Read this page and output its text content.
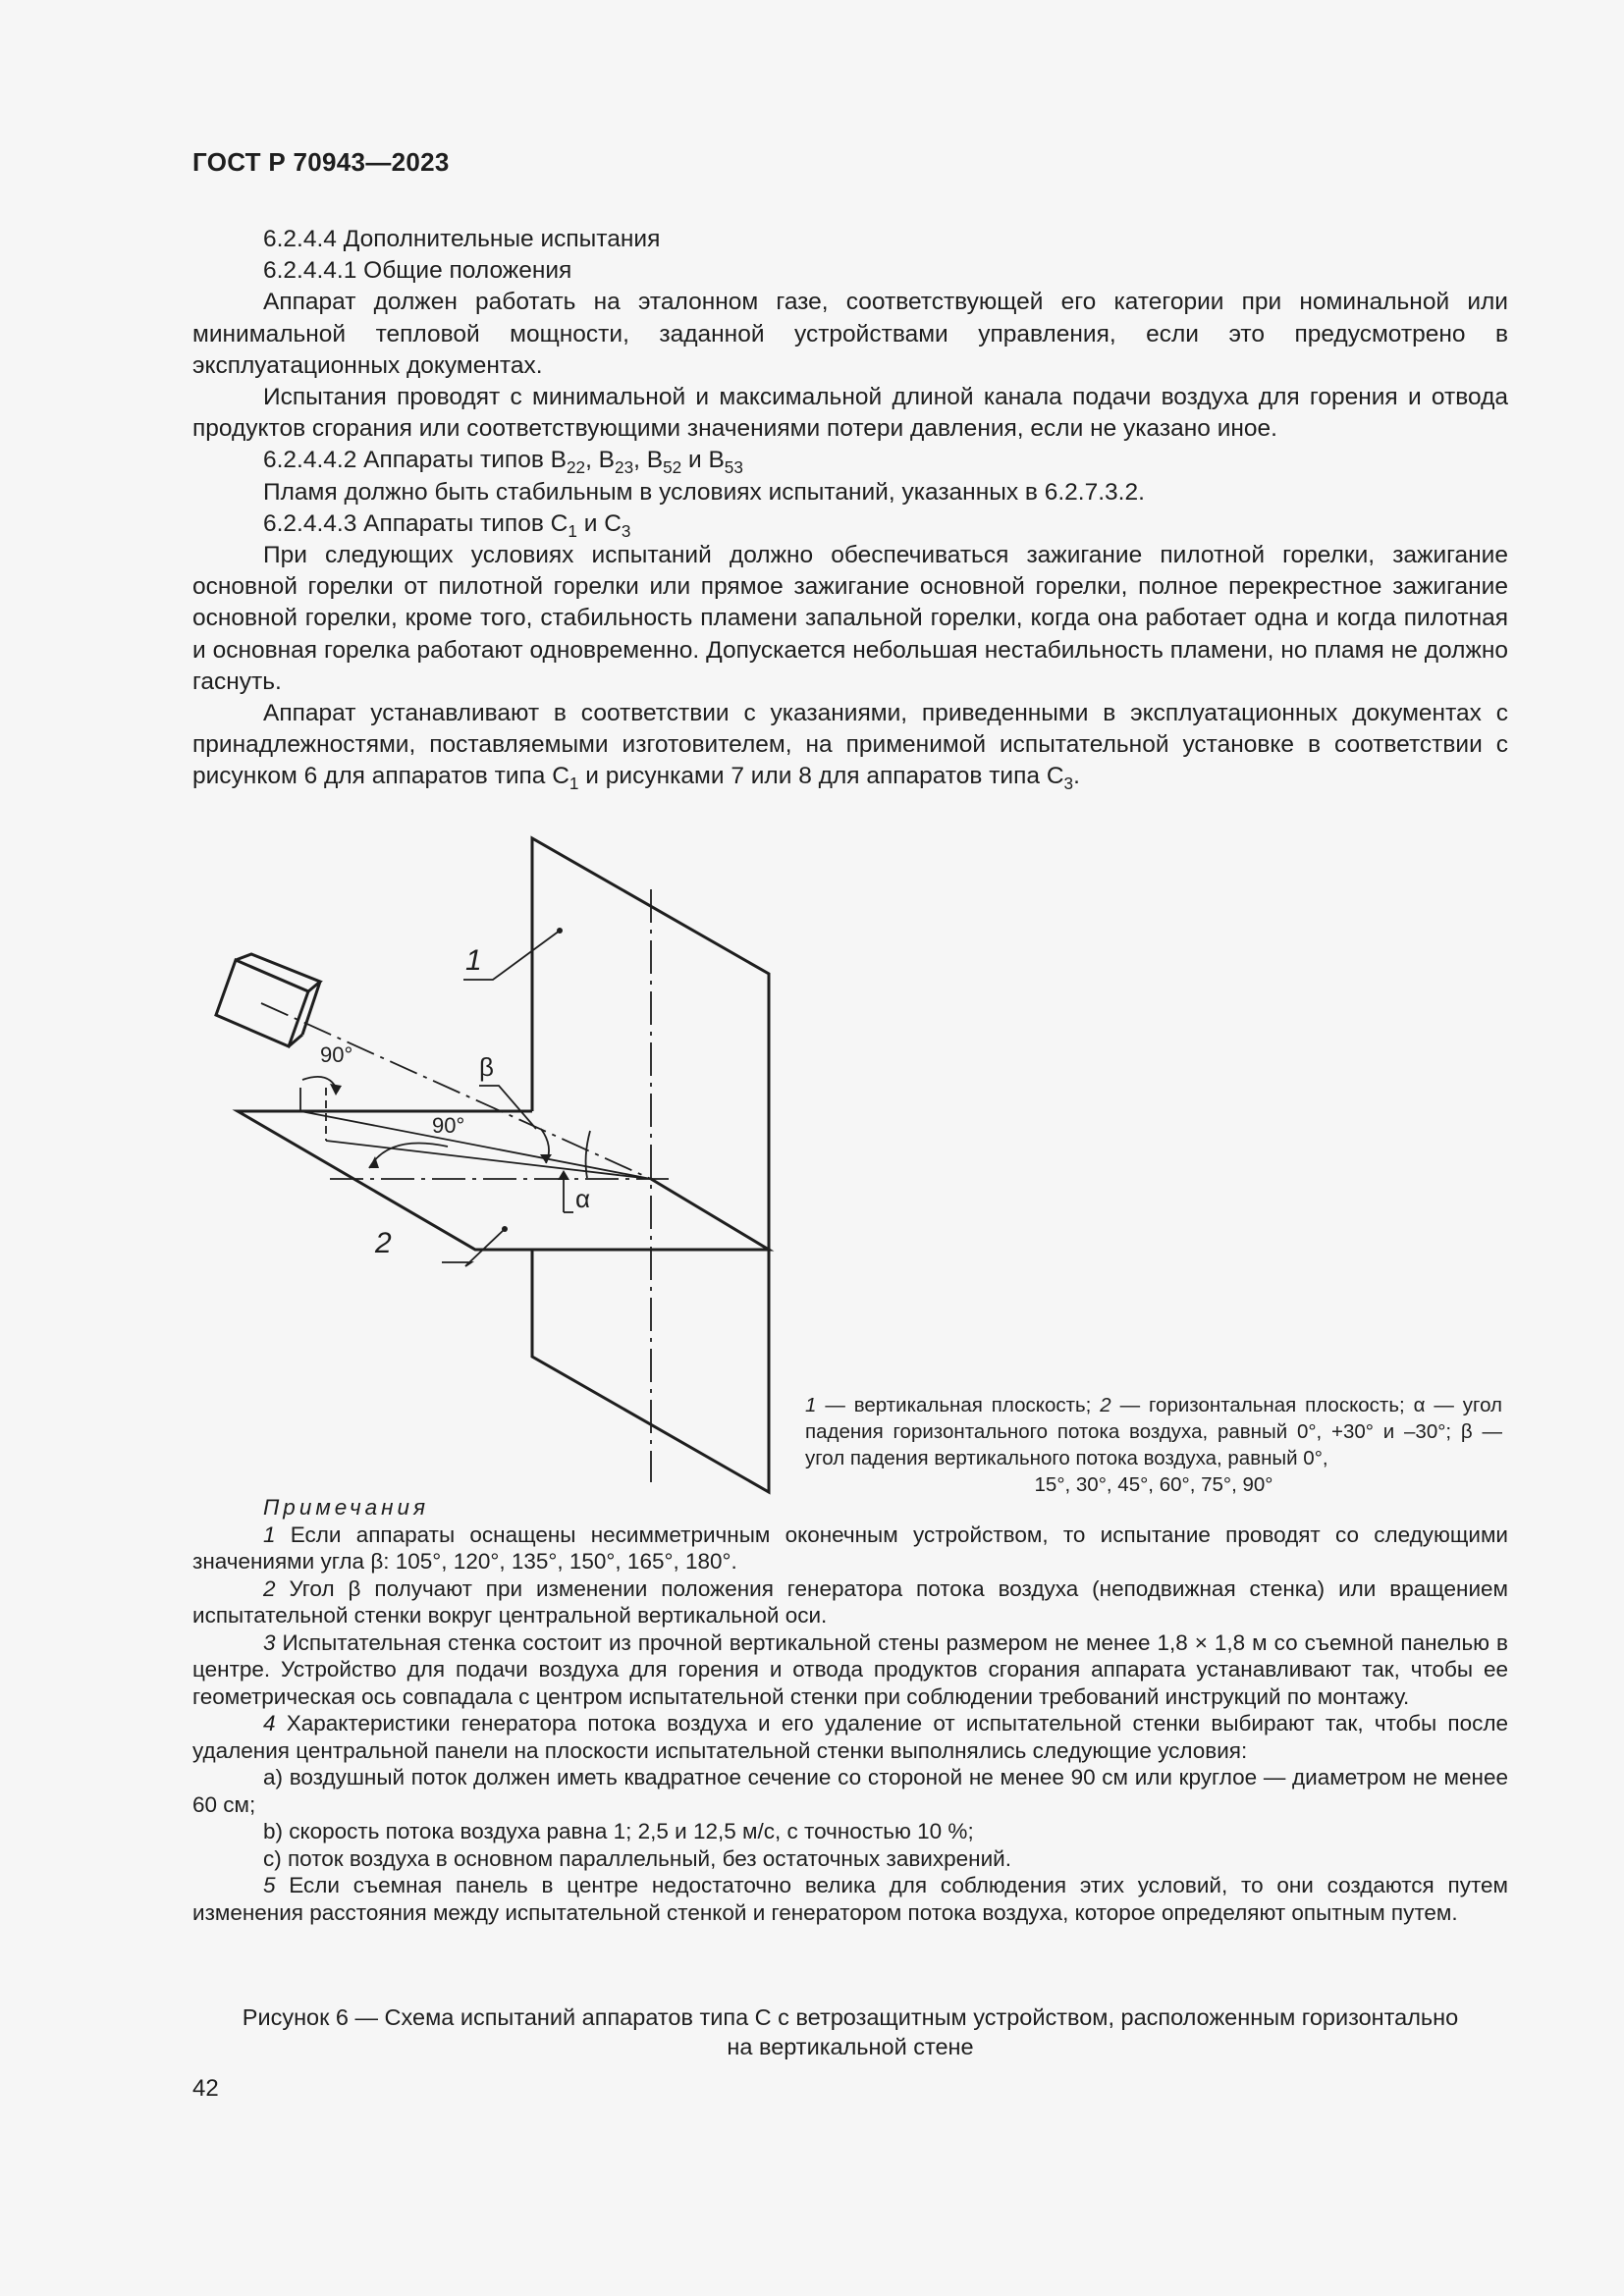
ГОСТ Р 70943—2023

6.2.4.4 Дополнительные испытания

6.2.4.4.1 Общие положения

Аппарат должен работать на эталонном газе, соответствующей его категории при номинальной или минимальной тепловой мощности, заданной устройствами управления, если это предусмотрено в эксплуатационных документах.

Испытания проводят с минимальной и максимальной длиной канала подачи воздуха для горения и отвода продуктов сгорания или соответствующими значениями потери давления, если не указано иное.

6.2.4.4.2 Аппараты типов $B_{22}$, $B_{23}$, $B_{52}$ и $B_{53}$

Пламя должно быть стабильным в условиях испытаний, указанных в 6.2.7.3.2.

6.2.4.4.3 Аппараты типов $C_1$ и $C_3$

При следующих условиях испытаний должно обеспечиваться зажигание пилотной горелки, зажигание основной горелки от пилотной горелки или прямое зажигание основной горелки, полное перекрестное зажигание основной горелки, кроме того, стабильность пламени запальной горелки, когда она работает одна и когда пилотная и основная горелка работают одновременно. Допускается небольшая нестабильность пламени, но пламя не должно гаснуть.

Аппарат устанавливают в соответствии с указаниями, приведенными в эксплуатационных документах с принадлежностями, поставляемыми изготовителем, на применимой испытательной установке в соответствии с рисунком 6 для аппаратов типа $C_1$ и рисунками 7 или 8 для аппаратов типа $C_3$.

1
2
90°
90°
β
α
1 — вертикальная плоскость; 2 — горизонтальная плоскость; α — угол падения горизонтального потока воздуха, равный 0°, +30° и –30°; β — угол падения вертикального потока воздуха, равный 0°,
15°, 30°, 45°, 60°, 75°, 90°

Примечания

1 Если аппараты оснащены несимметричным оконечным устройством, то испытание проводят со следующими значениями угла β: 105°, 120°, 135°, 150°, 165°, 180°.

2 Угол β получают при изменении положения генератора потока воздуха (неподвижная стенка) или вращением испытательной стенки вокруг центральной вертикальной оси.

3 Испытательная стенка состоит из прочной вертикальной стены размером не менее 1,8 × 1,8 м со съемной панелью в центре. Устройство для подачи воздуха для горения и отвода продуктов сгорания аппарата устанавливают так, чтобы ее геометрическая ось совпадала с центром испытательной стенки при соблюдении требований инструкций по монтажу.

4 Характеристики генератора потока воздуха и его удаление от испытательной стенки выбирают так, чтобы после удаления центральной панели на плоскости испытательной стенки выполнялись следующие условия:

a) воздушный поток должен иметь квадратное сечение со стороной не менее 90 см или круглое — диаметром не менее 60 см;

b) скорость потока воздуха равна 1; 2,5 и 12,5 м/с, с точностью 10 %;

c) поток воздуха в основном параллельный, без остаточных завихрений.

5 Если съемная панель в центре недостаточно велика для соблюдения этих условий, то они создаются путем изменения расстояния между испытательной стенкой и генератором потока воздуха, которое определяют опытным путем.

Рисунок 6 — Схема испытаний аппаратов типа С с ветрозащитным устройством, расположенным горизонтально
на вертикальной стене
42
